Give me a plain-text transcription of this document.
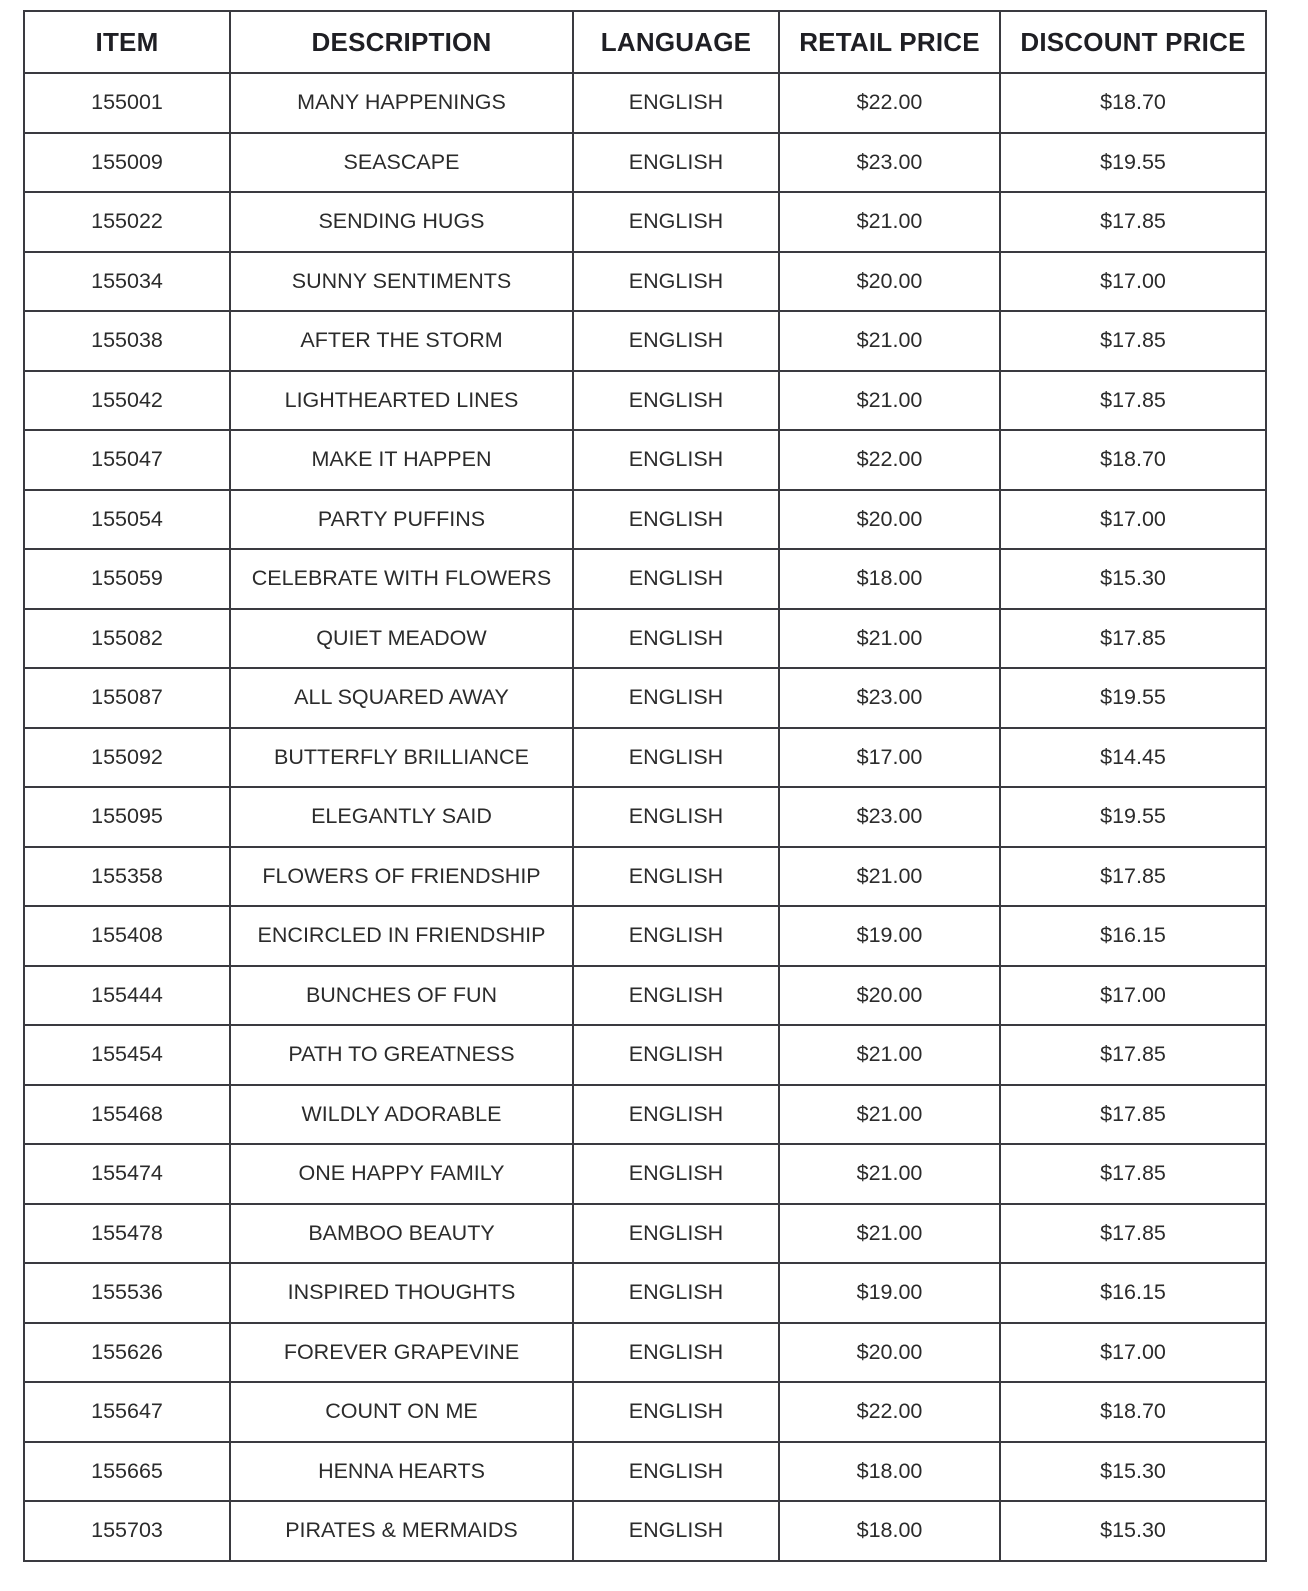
ITEM	DESCRIPTION	LANGUAGE	RETAIL PRICE	DISCOUNT PRICE
155001	MANY HAPPENINGS	ENGLISH	$22.00	$18.70
155009	SEASCAPE	ENGLISH	$23.00	$19.55
155022	SENDING HUGS	ENGLISH	$21.00	$17.85
155034	SUNNY SENTIMENTS	ENGLISH	$20.00	$17.00
155038	AFTER THE STORM	ENGLISH	$21.00	$17.85
155042	LIGHTHEARTED LINES	ENGLISH	$21.00	$17.85
155047	MAKE IT HAPPEN	ENGLISH	$22.00	$18.70
155054	PARTY PUFFINS	ENGLISH	$20.00	$17.00
155059	CELEBRATE WITH FLOWERS	ENGLISH	$18.00	$15.30
155082	QUIET MEADOW	ENGLISH	$21.00	$17.85
155087	ALL SQUARED AWAY	ENGLISH	$23.00	$19.55
155092	BUTTERFLY BRILLIANCE	ENGLISH	$17.00	$14.45
155095	ELEGANTLY SAID	ENGLISH	$23.00	$19.55
155358	FLOWERS OF FRIENDSHIP	ENGLISH	$21.00	$17.85
155408	ENCIRCLED IN FRIENDSHIP	ENGLISH	$19.00	$16.15
155444	BUNCHES OF FUN	ENGLISH	$20.00	$17.00
155454	PATH TO GREATNESS	ENGLISH	$21.00	$17.85
155468	WILDLY ADORABLE	ENGLISH	$21.00	$17.85
155474	ONE HAPPY FAMILY	ENGLISH	$21.00	$17.85
155478	BAMBOO BEAUTY	ENGLISH	$21.00	$17.85
155536	INSPIRED THOUGHTS	ENGLISH	$19.00	$16.15
155626	FOREVER GRAPEVINE	ENGLISH	$20.00	$17.00
155647	COUNT ON ME	ENGLISH	$22.00	$18.70
155665	HENNA HEARTS	ENGLISH	$18.00	$15.30
155703	PIRATES & MERMAIDS	ENGLISH	$18.00	$15.30
